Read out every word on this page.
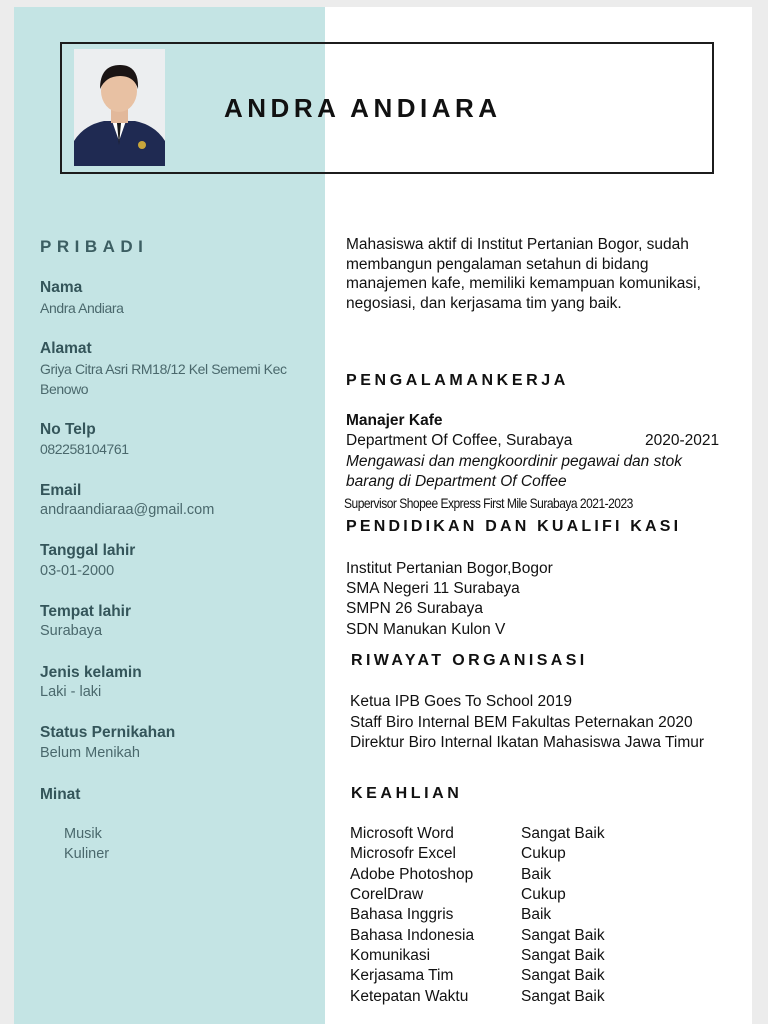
ANDRA ANDIARA
PRIBADI
Nama
Andra Andiara
Alamat
Griya Citra Asri RM18/12 Kel Sememi Kec
Benowo
No Telp
082258104761
Email
andraandiaraa@gmail.com
Tanggal lahir
03-01-2000
Tempat lahir
Surabaya
Jenis kelamin
Laki - laki
Status Pernikahan
Belum Menikah
Minat
Musik
Kuliner

Mahasiswa aktif di Institut Pertanian Bogor, sudah membangun pengalaman setahun di bidang manajemen kafe, memiliki kemampuan komunikasi, negosiasi, dan kerjasama tim yang baik.

PENGALAMANKERJA
Manajer Kafe
Department Of Coffee, Surabaya	2020-2021
Mengawasi dan mengkoordinir pegawai dan stok
barang di Department Of Coffee
Supervisor Shopee Express First Mile Surabaya 2021-2023
PENDIDIKAN DAN KUALIFI KASI
Institut Pertanian Bogor,Bogor
SMA Negeri 11 Surabaya
SMPN 26 Surabaya
SDN Manukan Kulon V
RIWAYAT ORGANISASI
Ketua IPB Goes To School 2019
Staff Biro Internal BEM Fakultas Peternakan 2020
Direktur Biro Internal Ikatan Mahasiswa Jawa Timur
KEAHLIAN
Microsoft Word	Sangat Baik
Microsofr Excel	Cukup
Adobe Photoshop	Baik
CorelDraw	Cukup
Bahasa Inggris	Baik
Bahasa Indonesia	Sangat Baik
Komunikasi	Sangat Baik
Kerjasama Tim	Sangat Baik
Ketepatan Waktu	Sangat Baik
